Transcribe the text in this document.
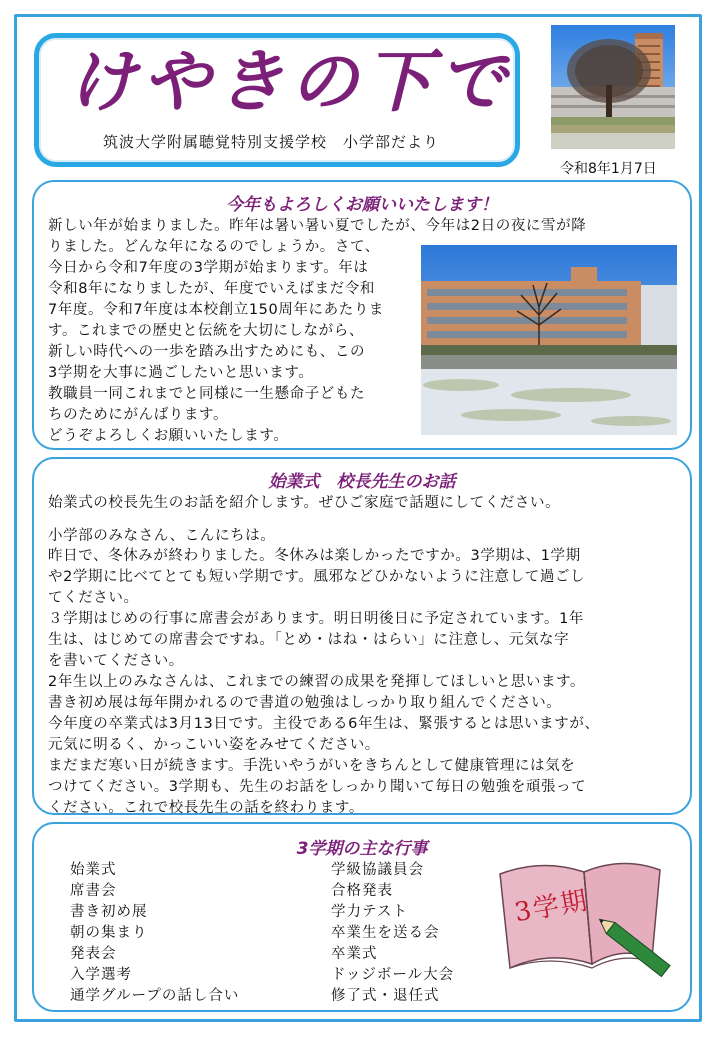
けやきの下で
筑波大学附属聴覚特別支援学校　小学部だより
令和8年1月7日
今年もよろしくお願いいたします！
新しい年が始まりました。昨年は暑い暑い夏でしたが、今年は2日の夜に雪が降
りました。どんな年になるのでしょうか。さて、
今日から令和7年度の3学期が始まります。年は
令和8年になりましたが、年度でいえばまだ令和
7年度。令和7年度は本校創立150周年にあたりま
す。これまでの歴史と伝統を大切にしながら、
新しい時代への一歩を踏み出すためにも、この
3学期を大事に過ごしたいと思います。
教職員一同これまでと同様に一生懸命子どもた
ちのためにがんばります。
どうぞよろしくお願いいたします。
始業式　校長先生のお話
始業式の校長先生のお話を紹介します。ぜひご家庭で話題にしてください。
小学部のみなさん、こんにちは。
昨日で、冬休みが終わりました。冬休みは楽しかったですか。3学期は、1学期
や2学期に比べてとても短い学期です。風邪などひかないように注意して過ごし
てください。
３学期はじめの行事に席書会があります。明日明後日に予定されています。1年
生は、はじめての席書会ですね。「とめ・はね・はらい」に注意し、元気な字
を書いてください。
2年生以上のみなさんは、これまでの練習の成果を発揮してほしいと思います。
書き初め展は毎年開かれるので書道の勉強はしっかり取り組んでください。
今年度の卒業式は3月13日です。主役である6年生は、緊張するとは思いますが、
元気に明るく、かっこいい姿をみせてください。
まだまだ寒い日が続きます。手洗いやうがいをきちんとして健康管理には気を
つけてください。3学期も、先生のお話をしっかり聞いて毎日の勉強を頑張って
ください。これで校長先生の話を終わります。
3学期の主な行事
始業式
席書会
書き初め展
朝の集まり
発表会
入学選考
通学グループの話し合い
学級協議員会
合格発表
学力テスト
卒業生を送る会
卒業式
ドッジボール大会
修了式・退任式
3学期
